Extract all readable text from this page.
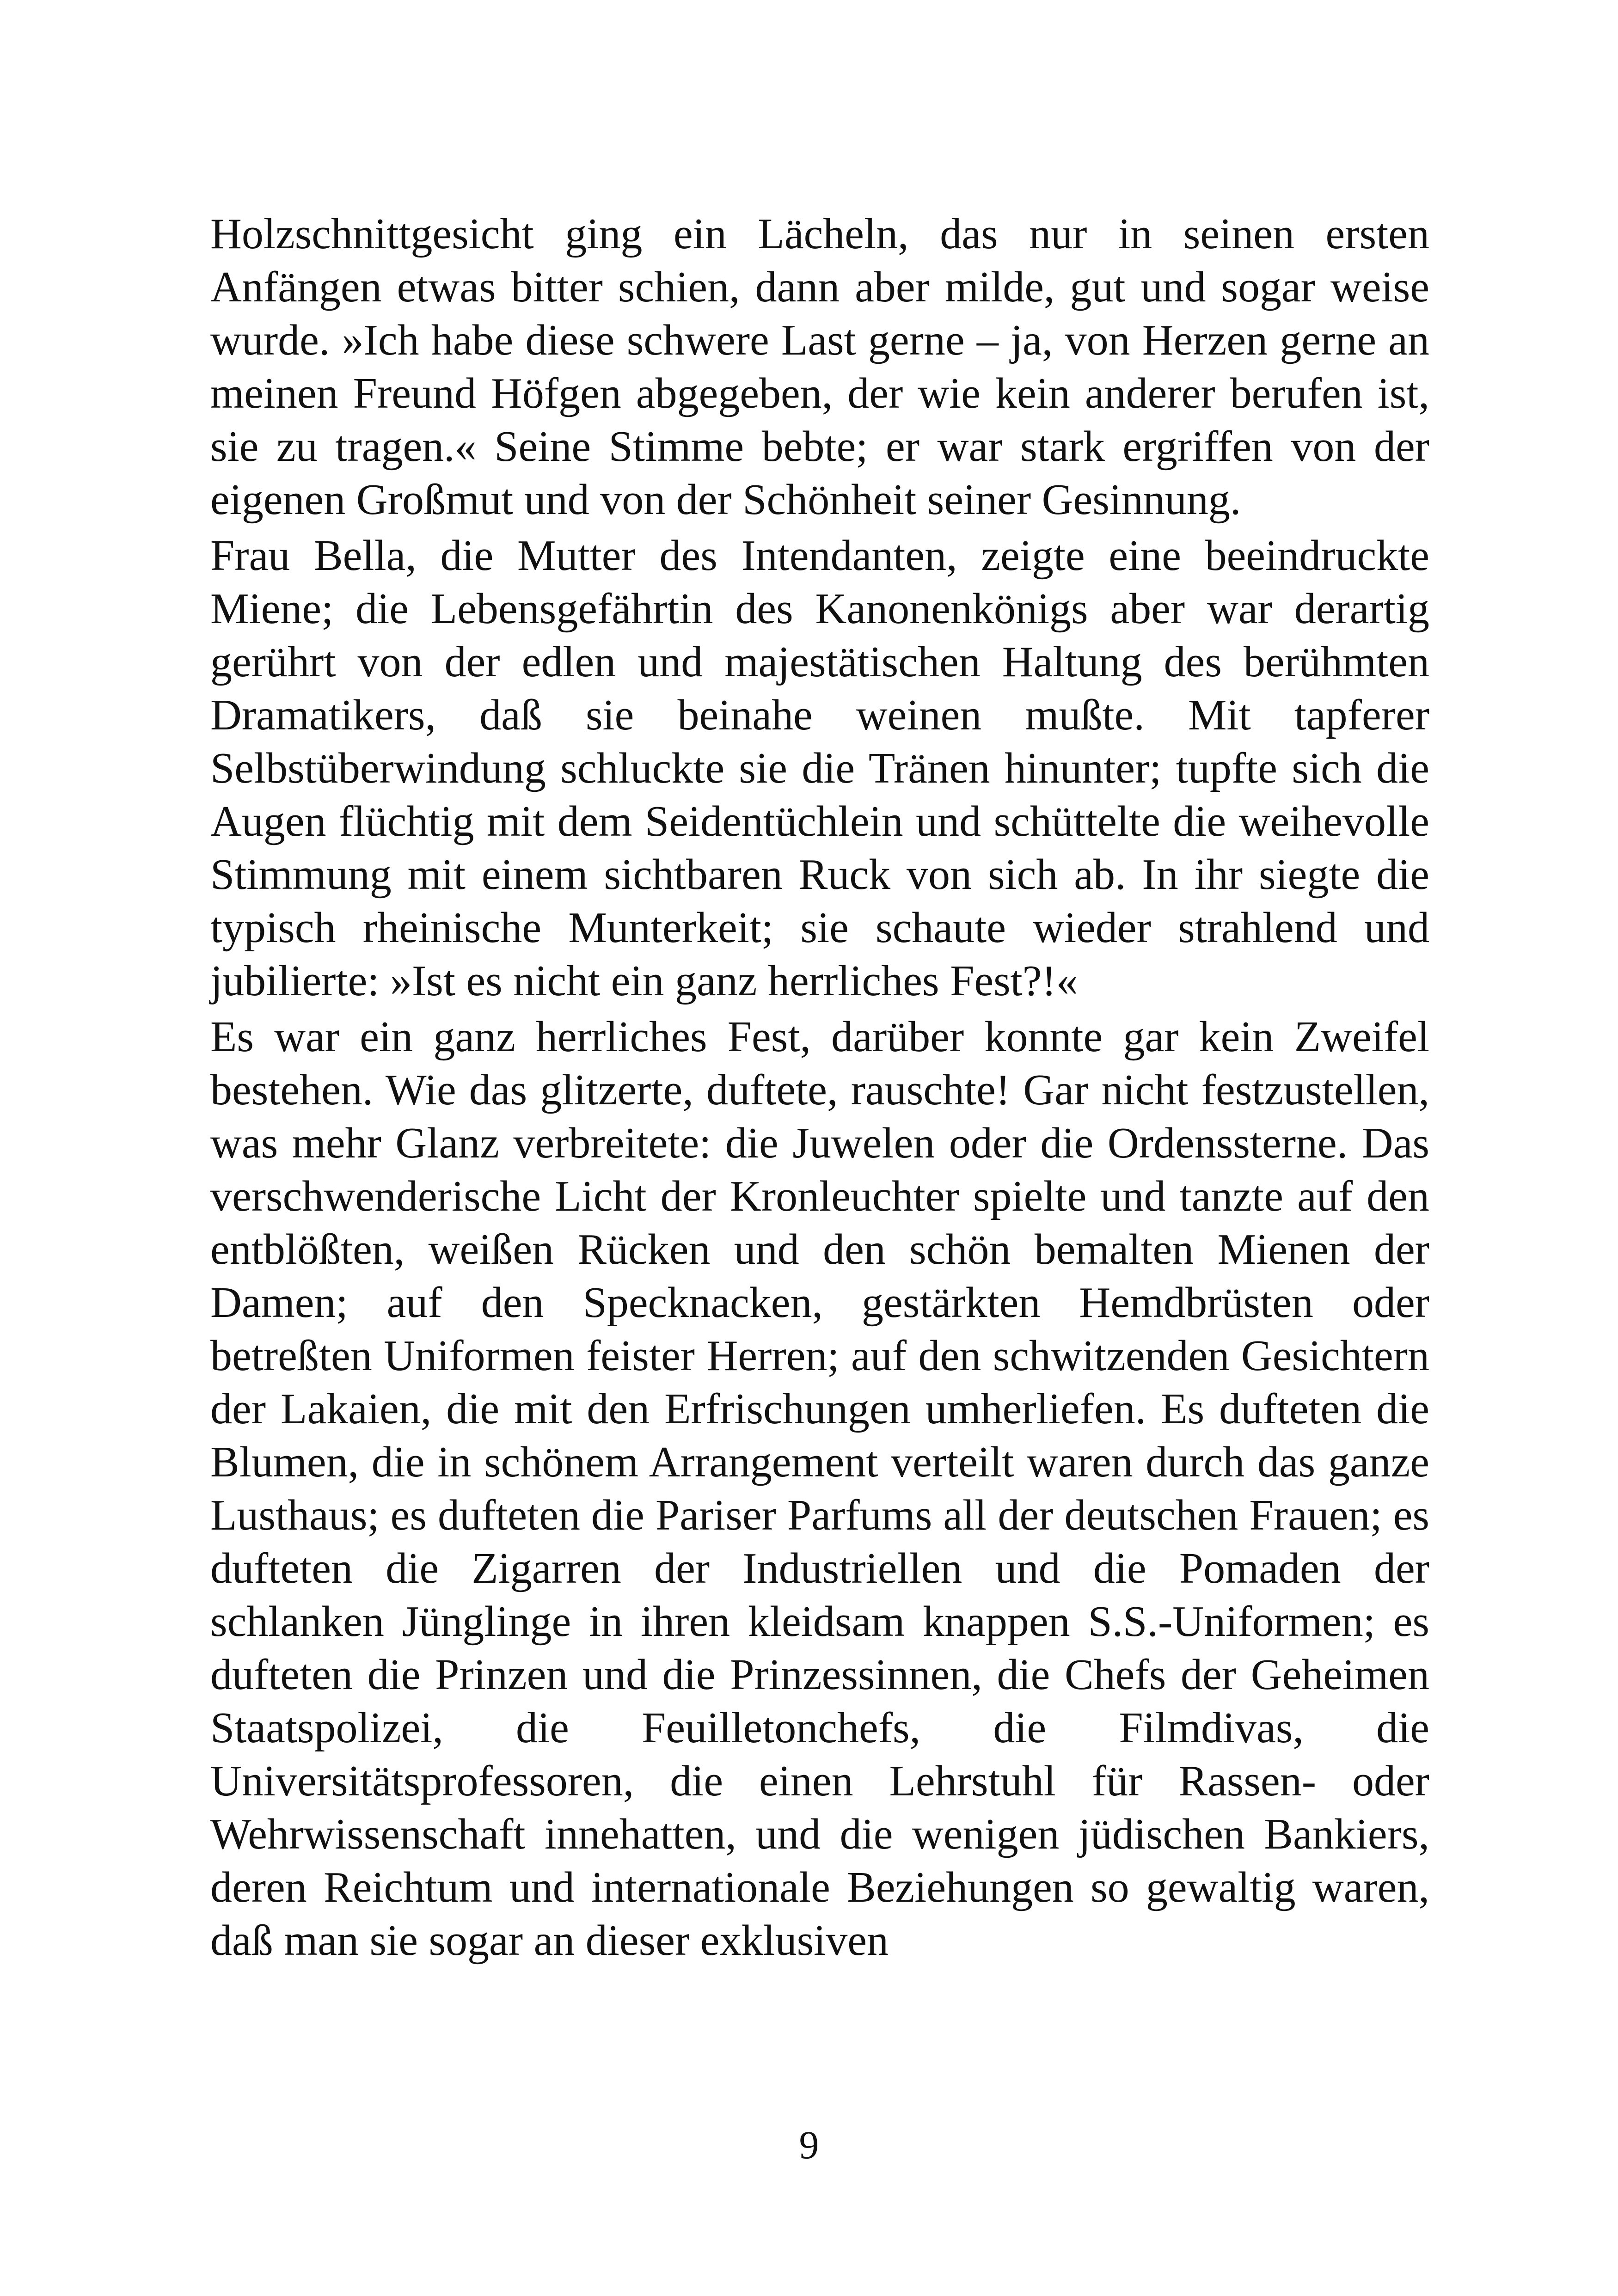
Holzschnittgesicht ging ein Lächeln, das nur in seinen ersten Anfängen etwas bitter schien, dann aber milde, gut und sogar weise wurde. »Ich habe diese schwere Last gerne – ja, von Herzen gerne an meinen Freund Höfgen abgegeben, der wie kein anderer berufen ist, sie zu tragen.« Seine Stimme bebte; er war stark ergriffen von der eigenen Großmut und von der Schönheit seiner Gesinnung.

Frau Bella, die Mutter des Intendanten, zeigte eine beeindruckte Miene; die Lebensgefährtin des Kanonenkönigs aber war derartig gerührt von der edlen und majestätischen Haltung des berühmten Dramatikers, daß sie beinahe weinen mußte. Mit tapferer Selbstüberwindung schluckte sie die Tränen hinunter; tupfte sich die Augen flüchtig mit dem Seidentüchlein und schüttelte die weihevolle Stimmung mit einem sichtbaren Ruck von sich ab. In ihr siegte die typisch rheinische Munterkeit; sie schaute wieder strahlend und jubilierte: »Ist es nicht ein ganz herrliches Fest?!«

Es war ein ganz herrliches Fest, darüber konnte gar kein Zweifel bestehen. Wie das glitzerte, duftete, rauschte! Gar nicht festzustellen, was mehr Glanz verbreitete: die Juwelen oder die Ordenssterne. Das verschwenderische Licht der Kronleuchter spielte und tanzte auf den entblößten, weißen Rücken und den schön bemalten Mienen der Damen; auf den Specknacken, gestärkten Hemdbrüsten oder betreßten Uniformen feister Herren; auf den schwitzenden Gesichtern der Lakaien, die mit den Erfrischungen umherliefen. Es dufteten die Blumen, die in schönem Arrangement verteilt waren durch das ganze Lusthaus; es dufteten die Pariser Parfums all der deutschen Frauen; es dufteten die Zigarren der Industriellen und die Pomaden der schlanken Jünglinge in ihren kleidsam knappen S.S.-Uniformen; es dufteten die Prinzen und die Prinzessinnen, die Chefs der Geheimen Staatspolizei, die Feuilletonchefs, die Filmdivas, die Universitätsprofessoren, die einen Lehrstuhl für Rassen- oder Wehrwissenschaft innehatten, und die wenigen jüdischen Bankiers, deren Reichtum und internationale Beziehungen so gewaltig waren, daß man sie sogar an dieser exklusiven

9
